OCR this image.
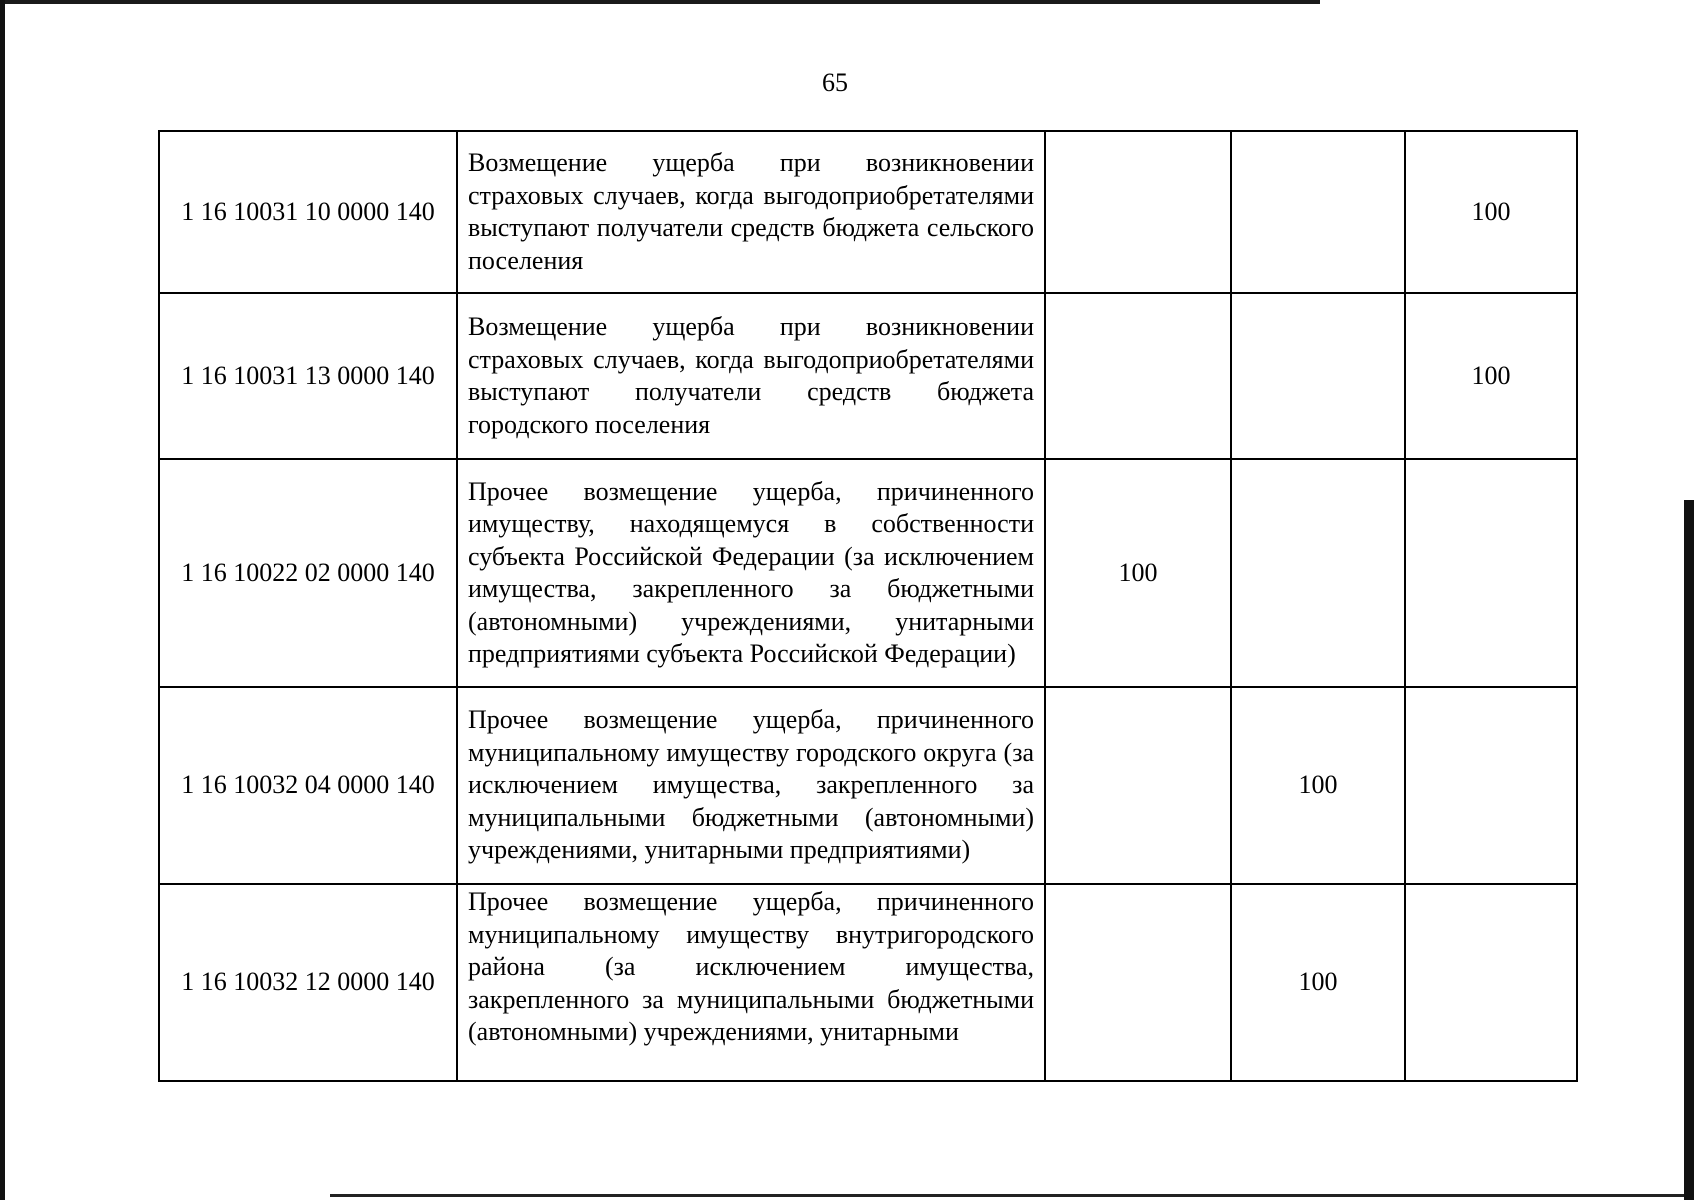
65
1 16 10031 10 0000 140	Возмещение ущерба при возникновении страховых случаев, когда выгодоприобретателями выступают получатели средств бюджета сельского поселения			100
1 16 10031 13 0000 140	Возмещение ущерба при возникновении страховых случаев, когда выгодоприобретателями выступают получатели средств бюджета городского поселения			100
1 16 10022 02 0000 140	Прочее возмещение ущерба, причиненного имуществу, находящемуся в собственности субъекта Российской Федерации (за исключением имущества, закрепленного за бюджетными (автономными) учреждениями, унитарными предприятиями субъекта Российской Федерации)	100		
1 16 10032 04 0000 140	Прочее возмещение ущерба, причиненного муниципальному имуществу городского округа (за исключением имущества, закрепленного за муниципальными бюджетными (автономными) учреждениями, унитарными предприятиями)		100	
1 16 10032 12 0000 140	Прочее возмещение ущерба, причиненного муниципальному имуществу внутригородского района (за исключением имущества, закрепленного за муниципальными бюджетными (автономными) учреждениями, унитарными		100	
